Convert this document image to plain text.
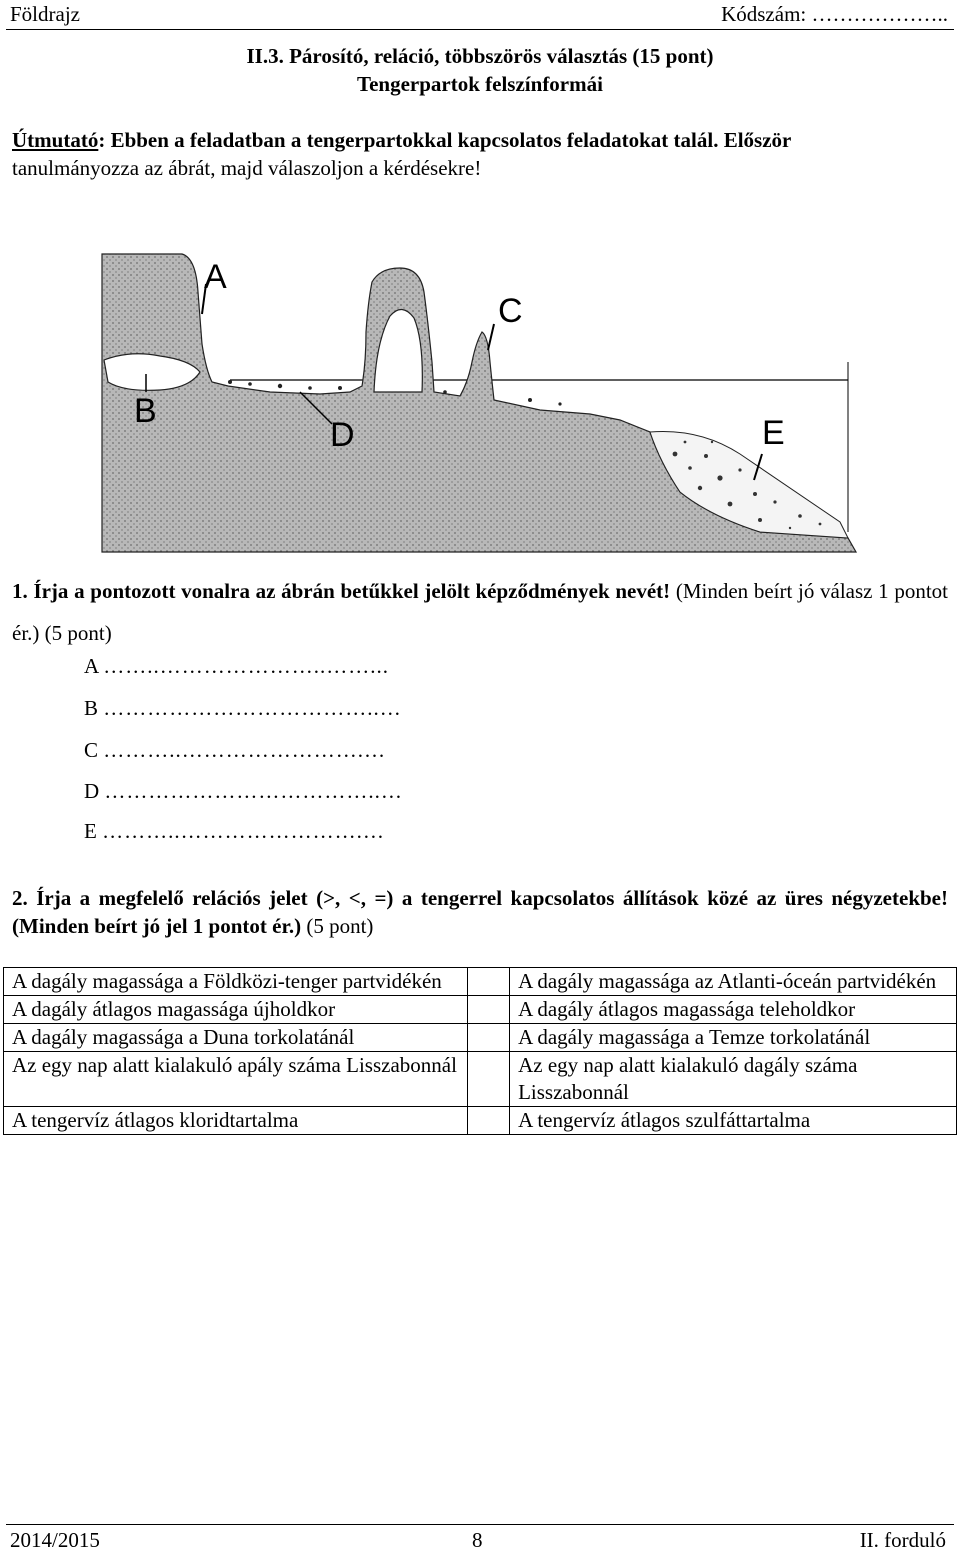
Földrajz	Kódszám: ………………..
II.3. Párosító, reláció, többszörös választás (15 pont)
Tengerpartok felszínformái
Útmutató: Ebben a feladatban a tengerpartokkal kapcsolatos feladatokat talál. Először
tanulmányozza az ábrát, majd válaszoljon a kérdésekre!
A
B
C
D	E
1. Írja a pontozott vonalra az ábrán betűkkel jelölt képződmények nevét! (Minden beírt jó válasz 1 pontot ér.) (5 pont)
A ……..…………………..……...
B ………………………………..…
C ………..…………………….…
D ………………………………..…
E ………..…………………….…
2. Írja a megfelelő relációs jelet (>, <, =) a tengerrel kapcsolatos állítások közé az üres négyzetekbe! (Minden beírt jó jel 1 pontot ér.) (5 pont)
A dagály magassága a Földközi-tenger partvidékén		A dagály magassága az Atlanti-óceán partvidékén
A dagály átlagos magassága újholdkor		A dagály átlagos magassága teleholdkor
A dagály magassága a Duna torkolatánál		A dagály magassága a Temze torkolatánál
Az egy nap alatt kialakuló apály száma Lisszabonnál		Az egy nap alatt kialakuló dagály száma Lisszabonnál
A tengervíz átlagos kloridtartalma		A tengervíz átlagos szulfáttartalma
2014/2015	8	II. forduló
